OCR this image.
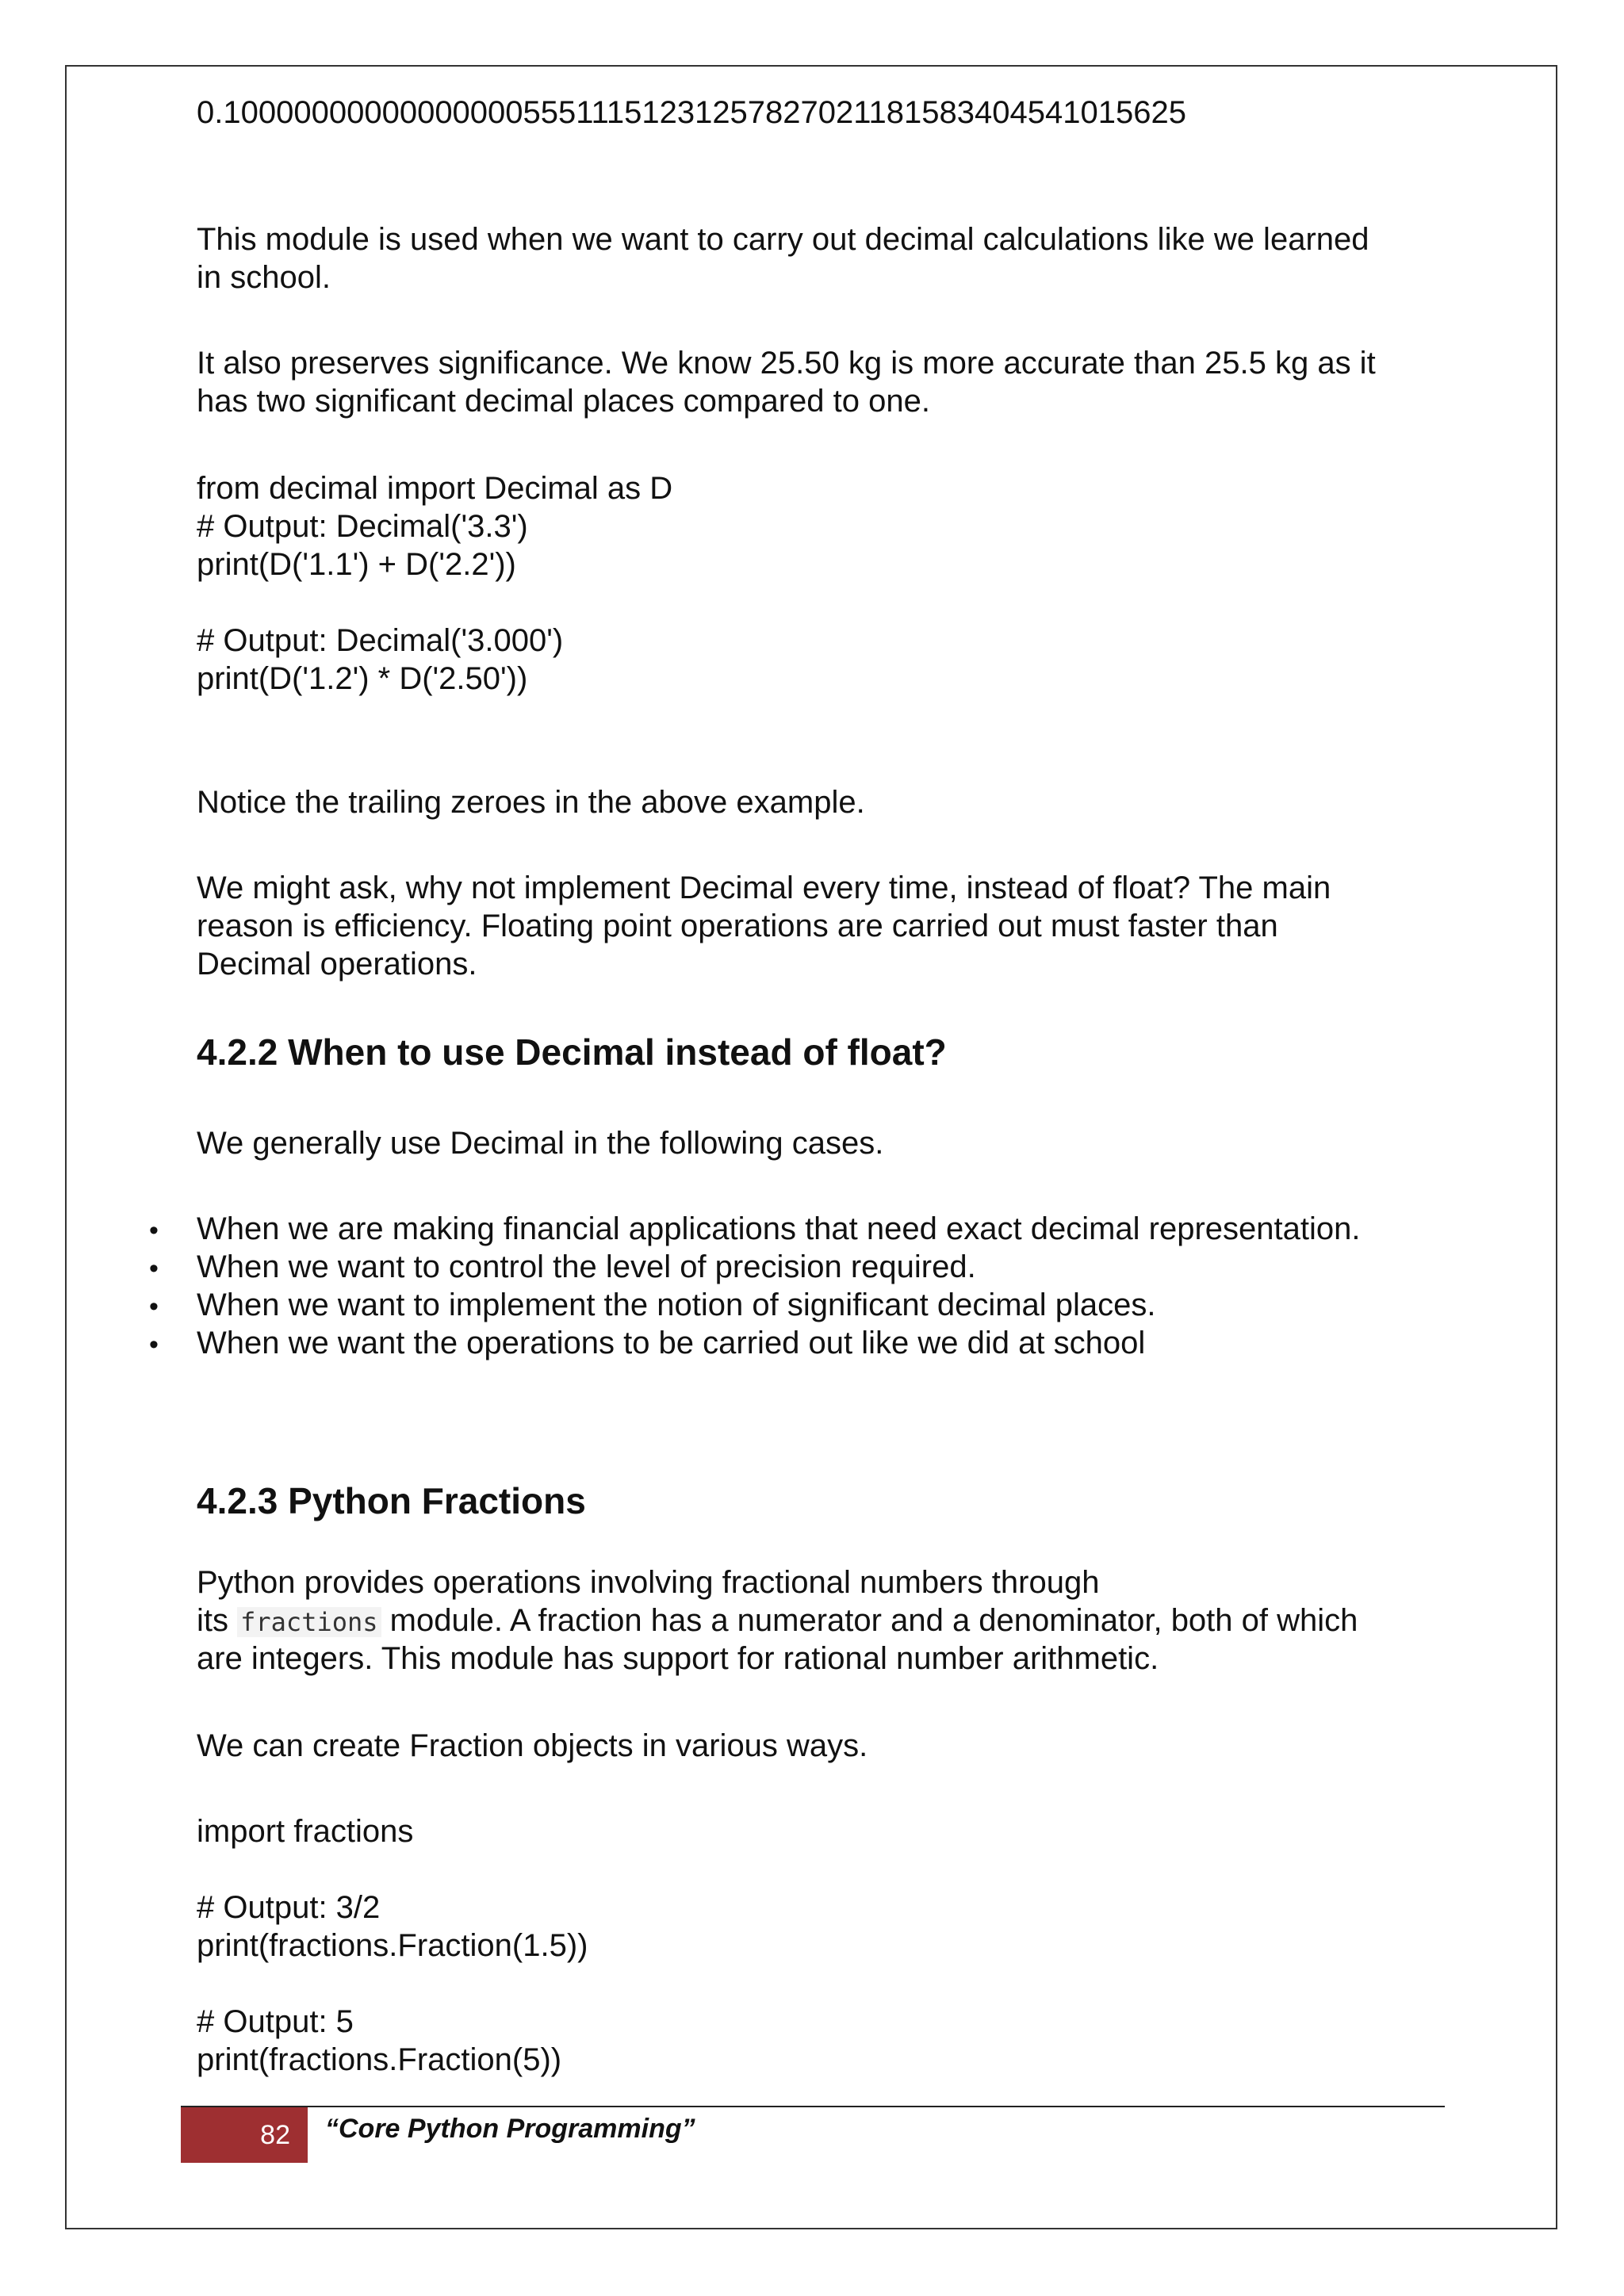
0.1000000000000000055511151231257827021181583404541015625
This module is used when we want to carry out decimal calculations like we learned
in school.
It also preserves significance. We know 25.50 kg is more accurate than 25.5 kg as it
has two significant decimal places compared to one.
from decimal import Decimal as D
# Output: Decimal('3.3')
print(D('1.1') + D('2.2'))
# Output: Decimal('3.000')
print(D('1.2') * D('2.50'))
Notice the trailing zeroes in the above example.
We might ask, why not implement Decimal every time, instead of float? The main
reason is efficiency. Floating point operations are carried out must faster than
Decimal operations.
4.2.2 When to use Decimal instead of float?
We generally use Decimal in the following cases.
• When we are making financial applications that need exact decimal representation.
• When we want to control the level of precision required.
• When we want to implement the notion of significant decimal places.
• When we want the operations to be carried out like we did at school
4.2.3 Python Fractions
Python provides operations involving fractional numbers through
its fractions module. A fraction has a numerator and a denominator, both of which
are integers. This module has support for rational number arithmetic.
We can create Fraction objects in various ways.
import fractions
# Output: 3/2
print(fractions.Fraction(1.5))
# Output: 5
print(fractions.Fraction(5))
82	“Core Python Programming”
